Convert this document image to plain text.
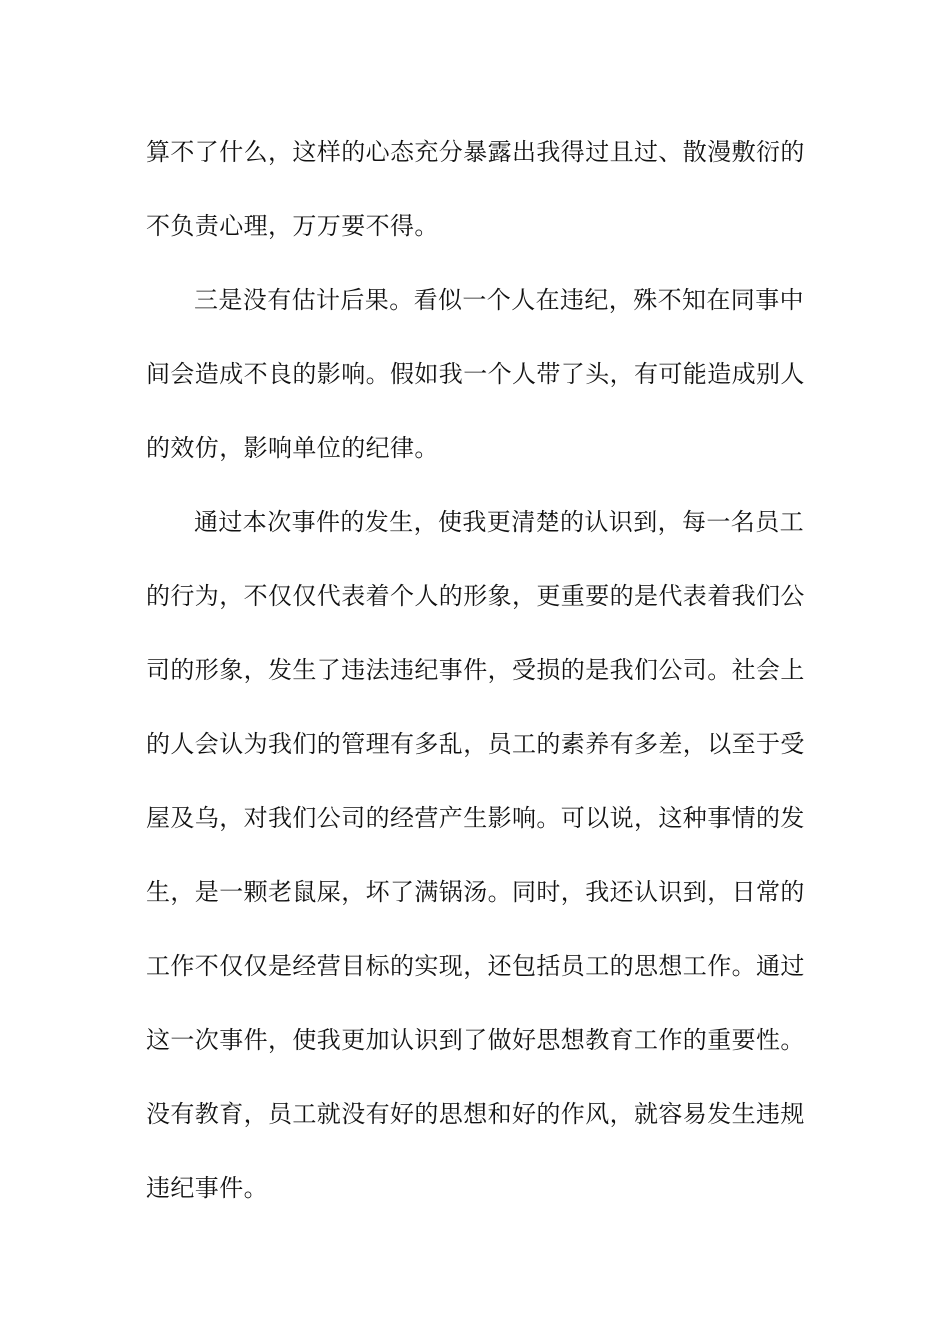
算不了什么，这样的心态充分暴露出我得过且过、散漫敷衍的
不负责心理，万万要不得。
三是没有估计后果。看似一个人在违纪，殊不知在同事中
间会造成不良的影响。假如我一个人带了头，有可能造成别人
的效仿，影响单位的纪律。
通过本次事件的发生，使我更清楚的认识到，每一名员工
的行为，不仅仅代表着个人的形象，更重要的是代表着我们公
司的形象，发生了违法违纪事件，受损的是我们公司。社会上
的人会认为我们的管理有多乱，员工的素养有多差，以至于受
屋及乌，对我们公司的经营产生影响。可以说，这种事情的发
生，是一颗老鼠屎，坏了满锅汤。同时，我还认识到，日常的
工作不仅仅是经营目标的实现，还包括员工的思想工作。通过
这一次事件，使我更加认识到了做好思想教育工作的重要性。
没有教育，员工就没有好的思想和好的作风，就容易发生违规
违纪事件。
